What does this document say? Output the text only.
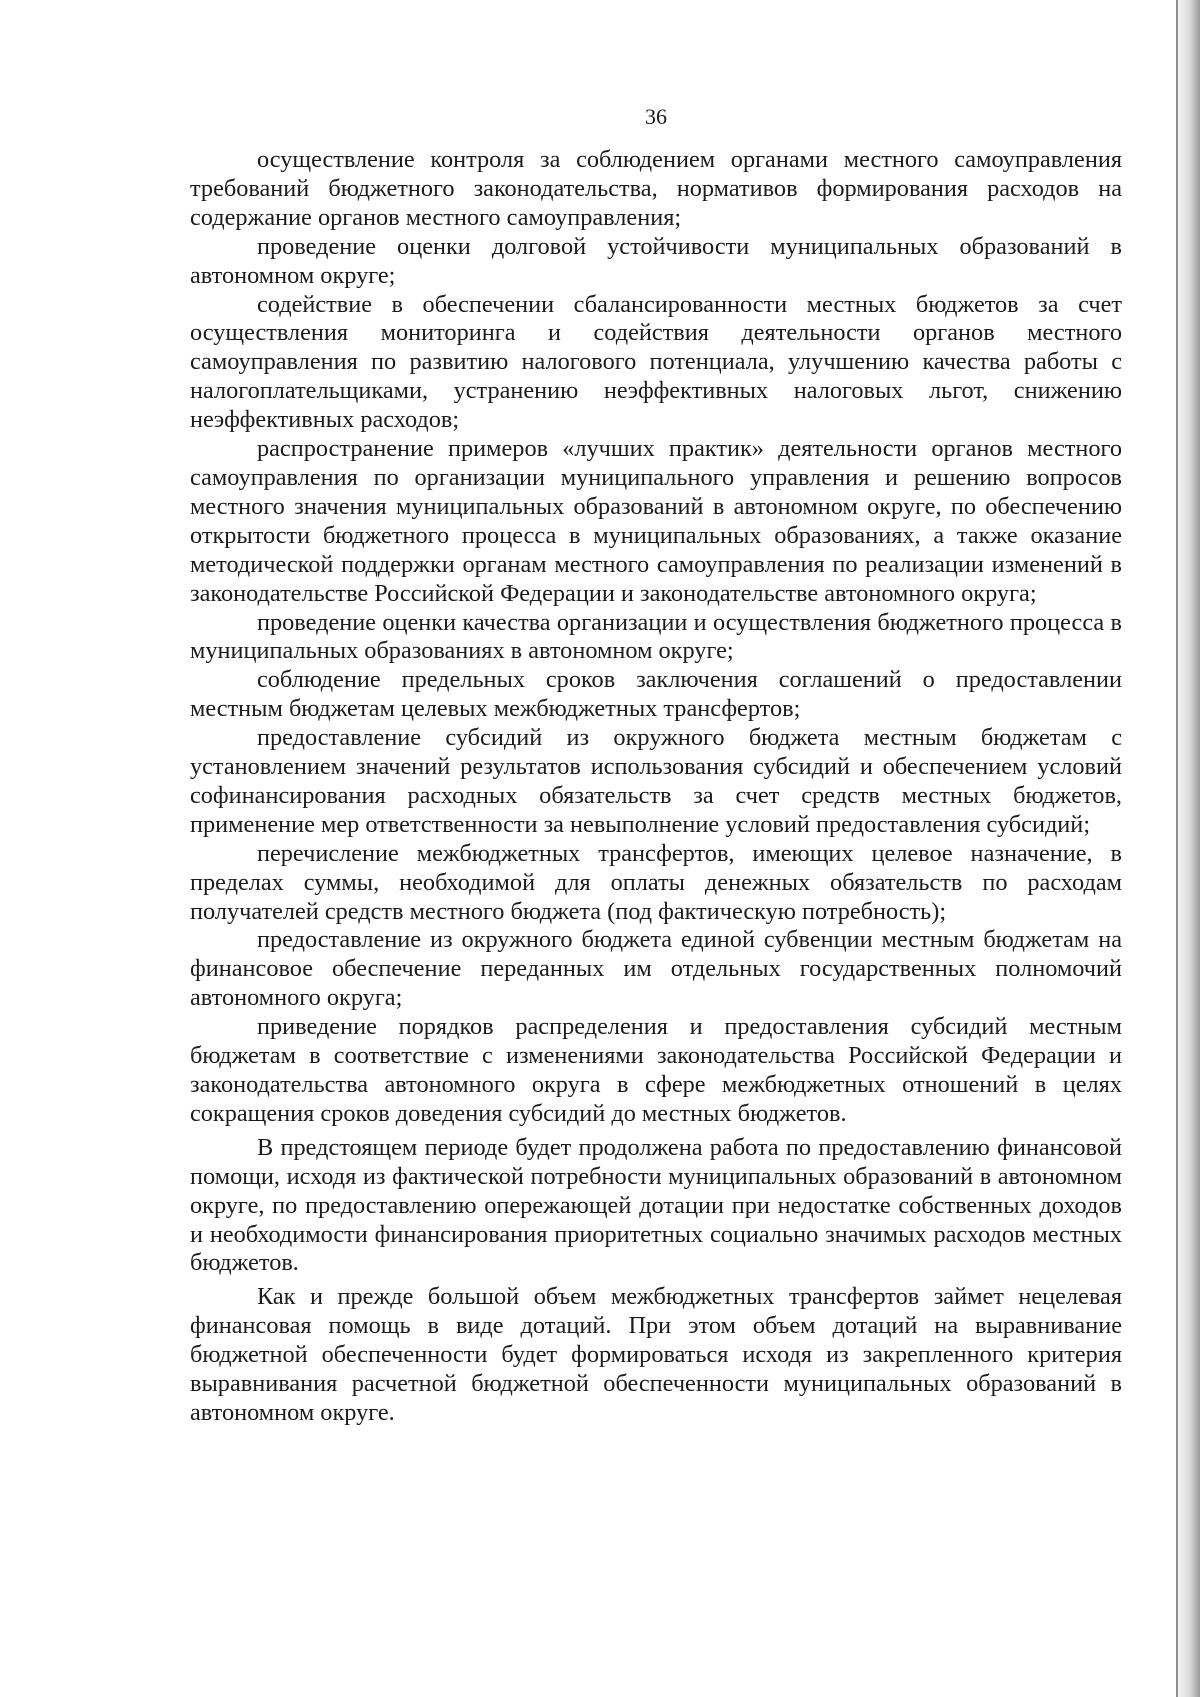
36

осуществление контроля за соблюдением органами местного самоуправления требований бюджетного законодательства, нормативов формирования расходов на содержание органов местного самоуправления;

проведение оценки долговой устойчивости муниципальных образований в автономном округе;

содействие в обеспечении сбалансированности местных бюджетов за счет осуществления мониторинга и содействия деятельности органов местного самоуправления по развитию налогового потенциала, улучшению качества работы с налогоплательщиками, устранению неэффективных налоговых льгот, снижению неэффективных расходов;

распространение примеров «лучших практик» деятельности органов местного самоуправления по организации муниципального управления и решению вопросов местного значения муниципальных образований в автономном округе, по обеспечению открытости бюджетного процесса в муниципальных образованиях, а также оказание методической поддержки органам местного самоуправления по реализации изменений в законодательстве Российской Федерации и законодательстве автономного округа;

проведение оценки качества организации и осуществления бюджетного процесса в муниципальных образованиях в автономном округе;

соблюдение предельных сроков заключения соглашений о предоставлении местным бюджетам целевых межбюджетных трансфертов;

предоставление субсидий из окружного бюджета местным бюджетам с установлением значений результатов использования субсидий и обеспечением условий софинансирования расходных обязательств за счет средств местных бюджетов, применение мер ответственности за невыполнение условий предоставления субсидий;

перечисление межбюджетных трансфертов, имеющих целевое назначение, в пределах суммы, необходимой для оплаты денежных обязательств по расходам получателей средств местного бюджета (под фактическую потребность);

предоставление из окружного бюджета единой субвенции местным бюджетам на финансовое обеспечение переданных им отдельных государственных полномочий автономного округа;

приведение порядков распределения и предоставления субсидий местным бюджетам в соответствие с изменениями законодательства Российской Федерации и законодательства автономного округа в сфере межбюджетных отношений в целях сокращения сроков доведения субсидий до местных бюджетов.

В предстоящем периоде будет продолжена работа по предоставлению финансовой помощи, исходя из фактической потребности муниципальных образований в автономном округе, по предоставлению опережающей дотации при недостатке собственных доходов и необходимости финансирования приоритетных социально значимых расходов местных бюджетов.

Как и прежде большой объем межбюджетных трансфертов займет нецелевая финансовая помощь в виде дотаций. При этом объем дотаций на выравнивание бюджетной обеспеченности будет формироваться исходя из закрепленного критерия выравнивания расчетной бюджетной обеспеченности муниципальных образований в автономном округе.
